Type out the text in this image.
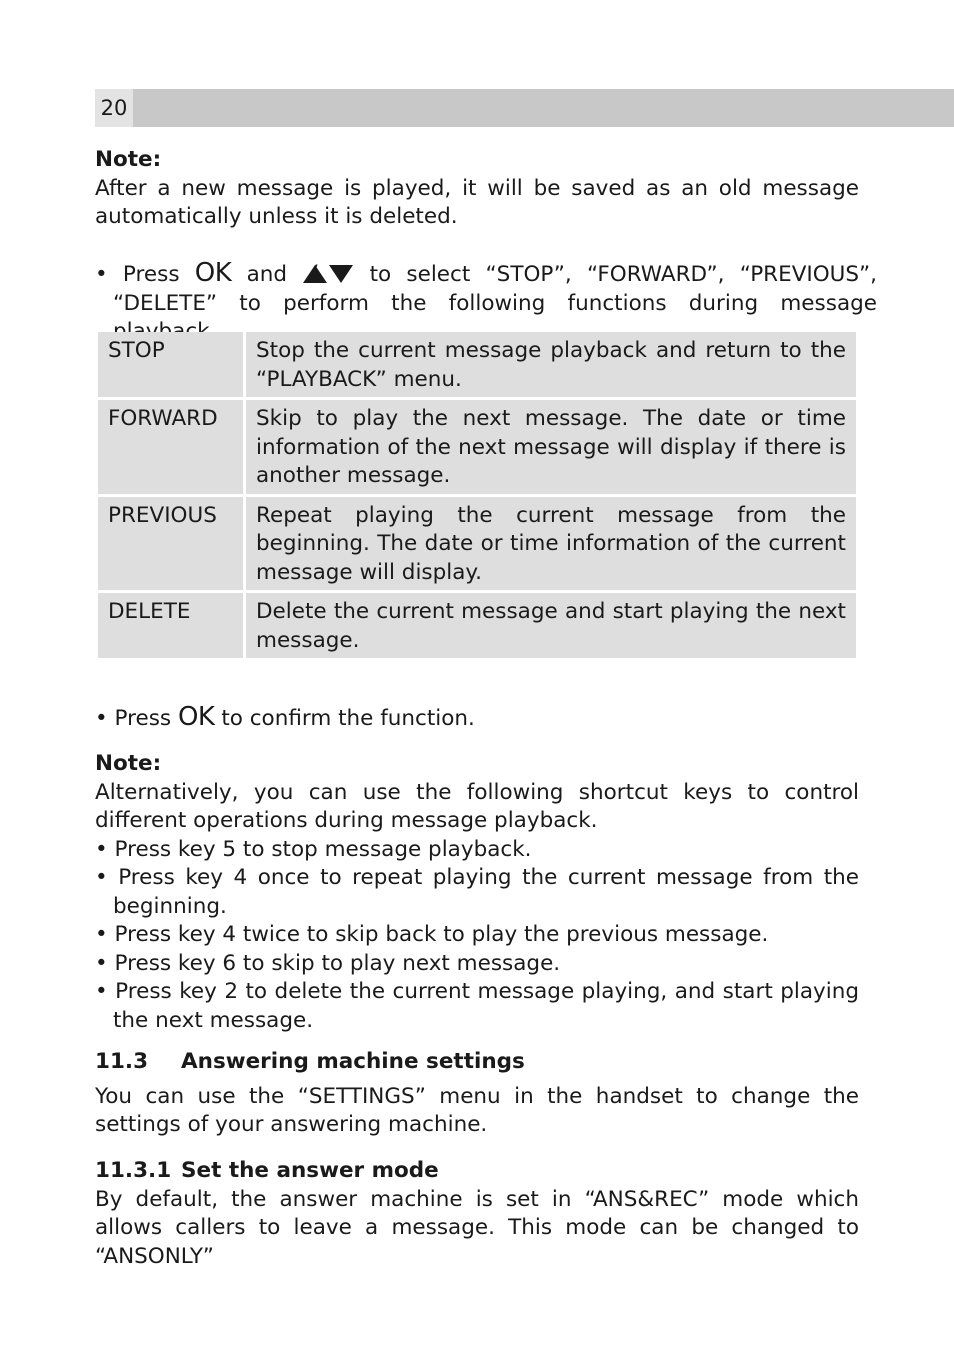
20
Note:
After a new message is played, it will be saved as an old message automatically unless it is deleted.
• Press OK and	to select “STOP”, “FORWARD”, “PREVIOUS”, “DELETE” to perform the following functions during message
STOP	Stop the current message playback and return to the “PLAYBACK” menu.
FORWARD	Skip to play the next message. The date or time information of the next message will display if there is another message.
PREVIOUS	Repeat playing the current message from the beginning. The date or time information of the current message will display.
DELETE	Delete the current message and start playing the next message.
• Press OK to confirm the function.
Note:
Alternatively, you can use the following shortcut keys to control different operations during message playback.
• Press key 5 to stop message playback.
• Press key 4 once to repeat playing the current message from the beginning.
• Press key 4 twice to skip back to play the previous message.
• Press key 6 to skip to play next message.
• Press key 2 to delete the current message playing, and start playing the next message.
11.3 Answering machine settings
You can use the “SETTINGS” menu in the handset to change the settings of your answering machine.
11.3.1 Set the answer mode
By default, the answer machine is set in “ANS&REC” mode which allows callers to leave a message. This mode can be changed to “ANSONLY”
